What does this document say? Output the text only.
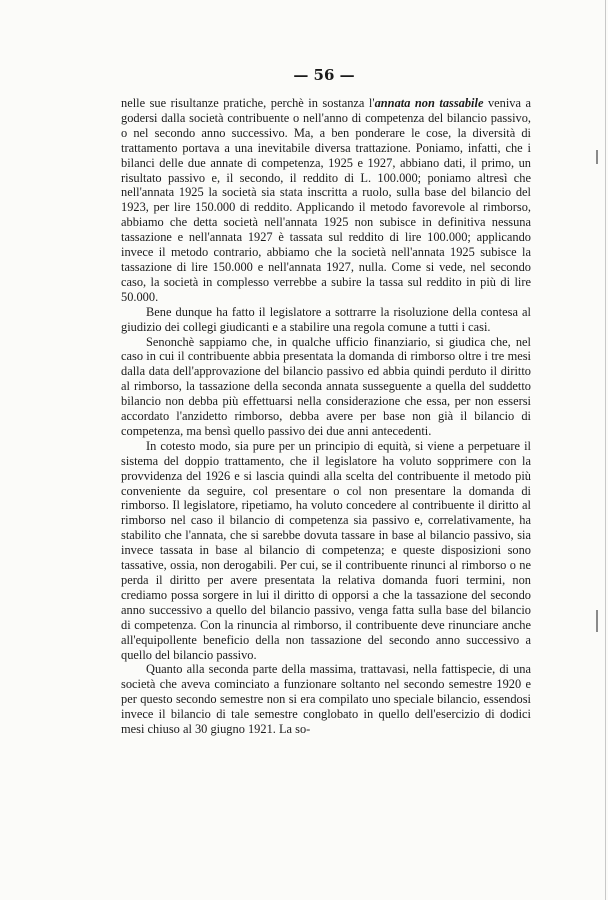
— 56 —

nelle sue risultanze pratiche, perchè in sostanza l'annata non tassabile veniva a godersi dalla società contribuente o nell'anno di competenza del bilancio passivo, o nel secondo anno successivo. Ma, a ben ponderare le cose, la diversità di trattamento portava a una inevitabile diversa trattazione. Poniamo, infatti, che i bilanci delle due annate di competenza, 1925 e 1927, abbiano dati, il primo, un risultato passivo e, il secondo, il reddito di L. 100.000; poniamo altresì che nell'annata 1925 la società sia stata inscritta a ruolo, sulla base del bilancio del 1923, per lire 150.000 di reddito. Applicando il metodo favorevole al rimborso, abbiamo che detta società nell'annata 1925 non subisce in definitiva nessuna tassazione e nell'annata 1927 è tassata sul reddito di lire 100.000; applicando invece il metodo contrario, abbiamo che la società nell'annata 1925 subisce la tassazione di lire 150.000 e nell'annata 1927, nulla. Come si vede, nel secondo caso, la società in complesso verrebbe a subire la tassa sul reddito in più di lire 50.000.

Bene dunque ha fatto il legislatore a sottrarre la risoluzione della contesa al giudizio dei collegi giudicanti e a stabilire una regola comune a tutti i casi.

Senonchè sappiamo che, in qualche ufficio finanziario, si giudica che, nel caso in cui il contribuente abbia presentata la domanda di rimborso oltre i tre mesi dalla data dell'approvazione del bilancio passivo ed abbia quindi perduto il diritto al rimborso, la tassazione della seconda annata susseguente a quella del suddetto bilancio non debba più effettuarsi nella considerazione che essa, per non essersi accordato l'anzidetto rimborso, debba avere per base non già il bilancio di competenza, ma bensì quello passivo dei due anni antecedenti.

In cotesto modo, sia pure per un principio di equità, si viene a perpetuare il sistema del doppio trattamento, che il legislatore ha voluto sopprimere con la provvidenza del 1926 e si lascia quindi alla scelta del contribuente il metodo più conveniente da seguire, col presentare o col non presentare la domanda di rimborso. Il legislatore, ripetiamo, ha voluto concedere al contribuente il diritto al rimborso nel caso il bilancio di competenza sia passivo e, correlativamente, ha stabilito che l'annata, che si sarebbe dovuta tassare in base al bilancio passivo, sia invece tassata in base al bilancio di competenza; e queste disposizioni sono tassative, ossia, non derogabili. Per cui, se il contribuente rinunci al rimborso o ne perda il diritto per avere presentata la relativa domanda fuori termini, non crediamo possa sorgere in lui il diritto di opporsi a che la tassazione del secondo anno successivo a quello del bilancio passivo, venga fatta sulla base del bilancio di competenza. Con la rinuncia al rimborso, il contribuente deve rinunciare anche all'equipollente beneficio della non tassazione del secondo anno successivo a quello del bilancio passivo.

Quanto alla seconda parte della massima, trattavasi, nella fattispecie, di una società che aveva cominciato a funzionare soltanto nel secondo semestre 1920 e per questo secondo semestre non si era compilato uno speciale bilancio, essendosi invece il bilancio di tale semestre conglobato in quello dell'esercizio di dodici mesi chiuso al 30 giugno 1921. La so-
